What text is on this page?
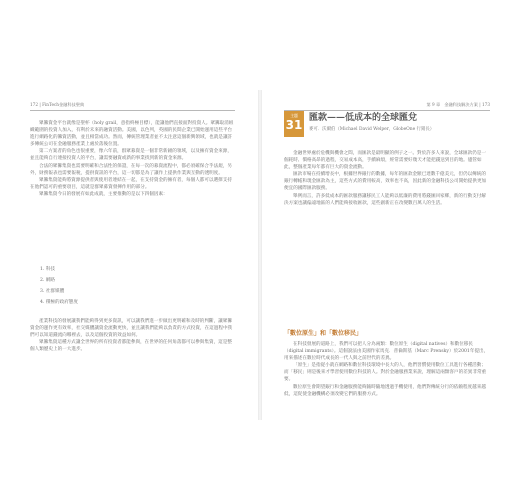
172 | FinTech金融科技聖典

眾籌資金平台就像是聖杯（holy grail，意指終極目標），能讓他們直接面對投資人。眾籌取消組織範圍的投資人加入，有利於未來的融資活動。美國，以色列，英國的民間企業已開始運用這些平台進行網路化的籌資活動，並且相當成功。然而，傳統管理業者並不太注意這個新興領域，也就是讓許多傳統公司在金融服務產業上處於落後位置。

第二方案者的角色也很重要，像六年前，群眾募資是一個非常新穎的領域，以及擁有資金來源，並且能夠自行連接投資人的平台，讓需要融資或新的事業找到新的資金來源。

合法的眾籌集資也需要明確和合法性的保證，在每一次的募資流程中，都必須確保合乎法規，另外，財務報表也需要報稅，提供資訊的平台，這一切都是為了讓作上提供作業與互動的透明度。

眾籌集資能夠將資源提供者與使用者連結在一起，在支持資金的擁有者，每個人都可以選擇支持在他們認可的重要項目，這就是群眾募資發揮作用的部分。

眾籌集資今日的發展有如此成就，主要推動的是以下四個因素：

1. 科技
2. 網路
3. 社群媒體
4. 積極的政府態度

產業科技的發展讓我們能夠得到更多資訊，可以讓我們進一步做出更明確和及時的判斷，讓眾籌資金的運作更有效率，社交媒體讓資金流動更快，並且讓我們能夠以負責的方式投資，在這過程中我們可以知道錢流向哪裡去，以及這個投資的效益如何。

眾籌集資這種方式讓全世界的所有投資者都能參與，在世界的任何角落都可以參與集資，這是整個人類歷史上的一大進步。

第 9 章　金融科技解決方案 | 173
主題
31 匯款——低成本的全球匯兌
麥可．沃爾伯（Michael David Welper，GlobeOne 行銷長）

金融世界處於危機與機會之間，而匯款是最明顯的例子之一。對於許多人來說，全球匯款仍是一個耗時、價格高昂的過程，交易成本高，手續麻煩，經常需要好幾天才能把錢送到目的地。儘管如此，整個產業每年都有巨大的資金流動。

匯款市場在持續增長中，根據世界銀行的數據，每年的匯款金額已達數千億美元，但仍以傳統的銀行轉帳和現金匯款為主，這些方式的費用較高，效率也不高，因此新的金融科技公司開始提供更加便宜的國際匯款服務。

舉例而言，許多低成本的匯款服務讓移民工人能夠以低廉的費用將錢匯回家鄉，新的行動支付解決方案也讓偏遠地區的人們能夠接收匯款，這些創新正在改變數百萬人的生活。

「數位原生」和「數位移民」

在科技發展的道路上，我們可以把人分為兩類：數位原生（digital natives）和數位移民（digital immigrants）。這個說法由美國作家馬克．普倫斯基（Marc Prensky）於2001年提出，用來描述在數位時代成長的一代人與之前世代的差異。

「原生」是指從小就在網路和數位科技環境中長大的人，他們習慣使用數位工具進行各種活動；而「移民」則是後來才學習使用數位科技的人。對於金融服務業來說，理解這兩類客戶的差異非常重要。

數位原生會期望銀行和金融服務能夠隨時隨地透過手機使用，他們對傳統分行的依賴程度越來越低，這促使金融機構必須改變它們的服務方式。
